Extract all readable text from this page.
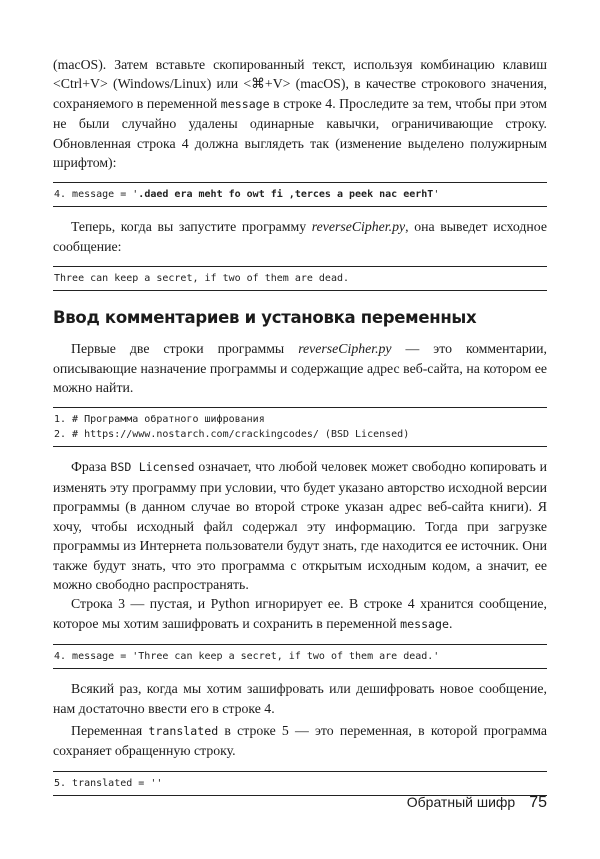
(macOS). Затем вставьте скопированный текст, используя комбинацию клавиш <Ctrl+V> (Windows/Linux) или <⌘+V> (macOS), в качестве строкового значения, сохраняемого в переменной message в строке 4. Проследите за тем, чтобы при этом не были случайно удалены одинарные кавычки, ограничивающие строку. Обновленная строка 4 должна выглядеть так (изменение выделено полужирным шрифтом):

4. message = '.daed era meht fo owt fi ,terces a peek nac eerhT'

Теперь, когда вы запустите программу reverseCipher.py, она выведет исходное сообщение:

Three can keep a secret, if two of them are dead.
Ввод комментариев и установка переменных

Первые две строки программы reverseCipher.py — это комментарии, описывающие назначение программы и содержащие адрес веб-сайта, на котором ее можно найти.

1. # Программа обратного шифрования
2. # https://www.nostarch.com/crackingcodes/ (BSD Licensed)

Фраза BSD Licensed означает, что любой человек может свободно копировать и изменять эту программу при условии, что будет указано авторство исходной версии программы (в данном случае во второй строке указан адрес веб-сайта книги). Я хочу, чтобы исходный файл содержал эту информацию. Тогда при загрузке программы из Интернета пользователи будут знать, где находится ее источник. Они также будут знать, что это программа с открытым исходным кодом, а значит, ее можно свободно распространять.

Строка 3 — пустая, и Python игнорирует ее. В строке 4 хранится сообщение, которое мы хотим зашифровать и сохранить в переменной message.

4. message = 'Three can keep a secret, if two of them are dead.'

Всякий раз, когда мы хотим зашифровать или дешифровать новое сообщение, нам достаточно ввести его в строке 4.

Переменная translated в строке 5 — это переменная, в которой программа сохраняет обращенную строку.

5. translated = ''
Обратный шифр 75
